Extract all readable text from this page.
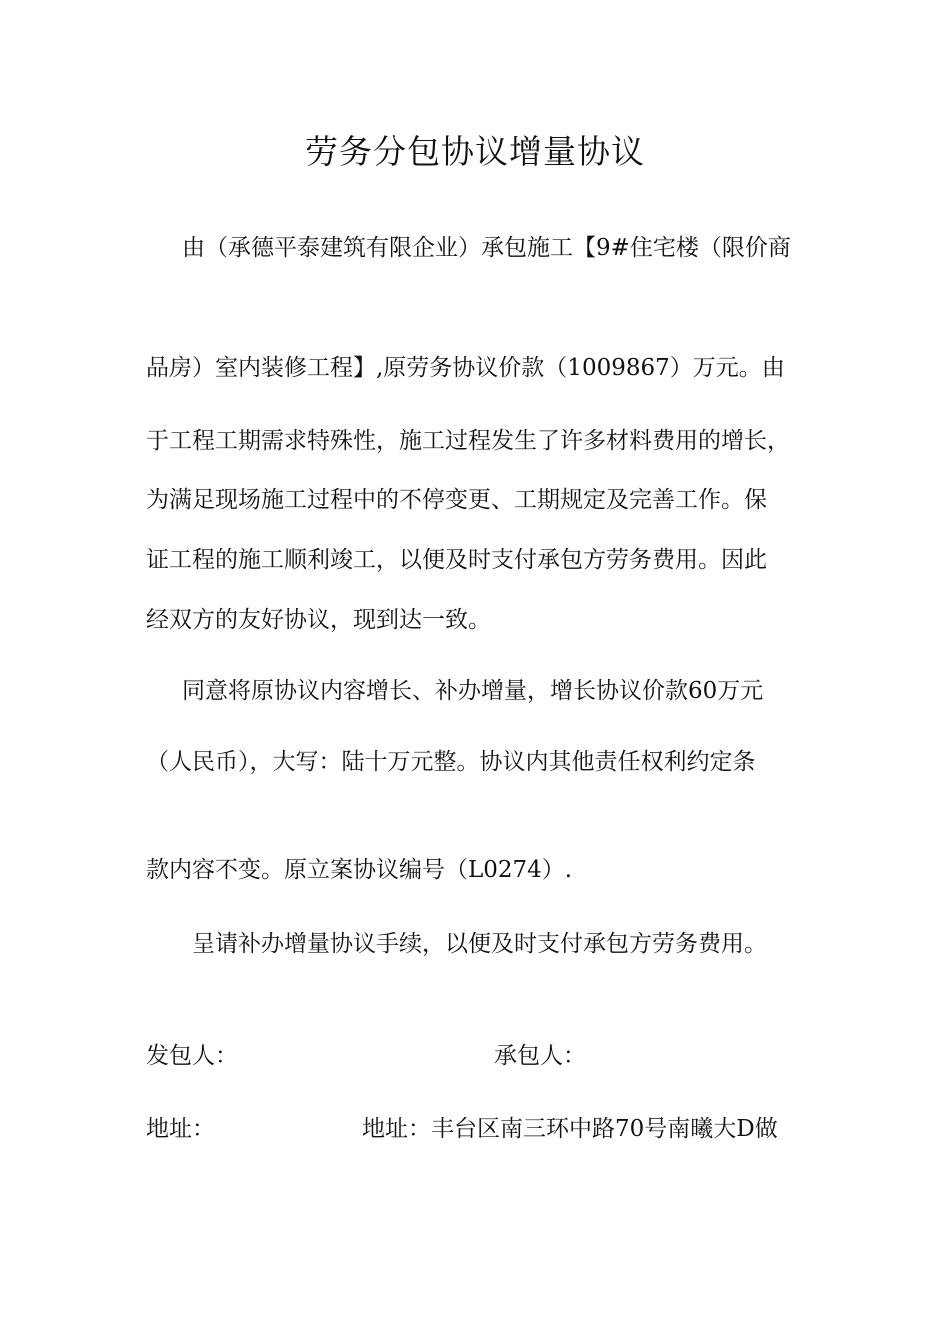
劳务分包协议增量协议

由（承德平泰建筑有限企业）承包施工【9#住宅楼（限价商

品房）室内装修工程】,原劳务协议价款（1009867）万元。由

于工程工期需求特殊性，施工过程发生了许多材料费用的增长，

为满足现场施工过程中的不停变更、工期规定及完善工作。保

证工程的施工顺利竣工，以便及时支付承包方劳务费用。因此

经双方的友好协议，现到达一致。

同意将原协议内容增长、补办增量，增长协议价款60万元

（人民币），大写：陆十万元整。协议内其他责任权利约定条

款内容不变。原立案协议编号（L0274）.

呈请补办增量协议手续，以便及时支付承包方劳务费用。

发包人：	承包人：

地址：	地址：丰台区南三环中路70号南曦大D做
